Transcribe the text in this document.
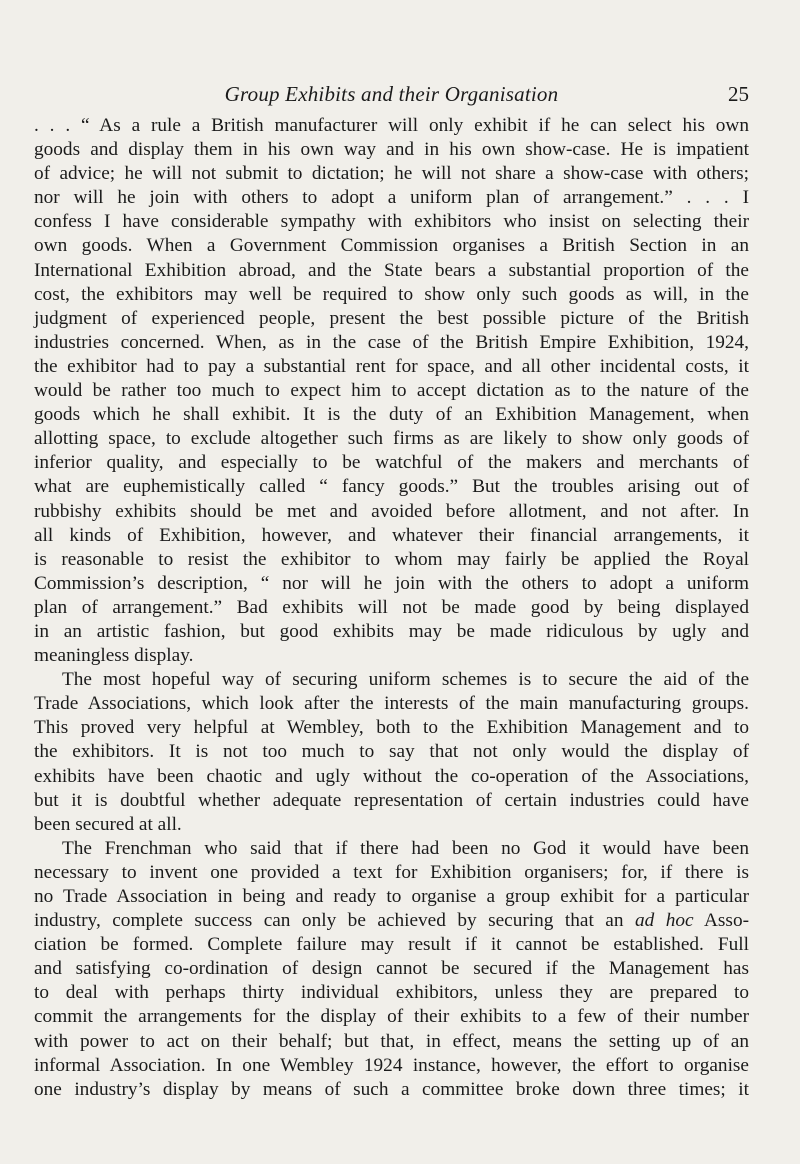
Group Exhibits and their Organisation	25
. . . “ As a rule a British manufacturer will only exhibit if he can select his own
goods and display them in his own way and in his own show-case. He is impatient
of advice; he will not submit to dictation; he will not share a show-case with others;
nor will he join with others to adopt a uniform plan of arrangement.” . . . I
confess I have considerable sympathy with exhibitors who insist on selecting their
own goods. When a Government Commission organises a British Section in an
International Exhibition abroad, and the State bears a substantial proportion of the
cost, the exhibitors may well be required to show only such goods as will, in the
judgment of experienced people, present the best possible picture of the British
industries concerned. When, as in the case of the British Empire Exhibition, 1924,
the exhibitor had to pay a substantial rent for space, and all other incidental costs, it
would be rather too much to expect him to accept dictation as to the nature of the
goods which he shall exhibit. It is the duty of an Exhibition Management, when
allotting space, to exclude altogether such firms as are likely to show only goods of
inferior quality, and especially to be watchful of the makers and merchants of
what are euphemistically called “ fancy goods.” But the troubles arising out of
rubbishy exhibits should be met and avoided before allotment, and not after. In
all kinds of Exhibition, however, and whatever their financial arrangements, it
is reasonable to resist the exhibitor to whom may fairly be applied the Royal
Commission’s description, “ nor will he join with the others to adopt a uniform
plan of arrangement.” Bad exhibits will not be made good by being displayed
in an artistic fashion, but good exhibits may be made ridiculous by ugly and
meaningless display.
The most hopeful way of securing uniform schemes is to secure the aid of the
Trade Associations, which look after the interests of the main manufacturing groups.
This proved very helpful at Wembley, both to the Exhibition Management and to
the exhibitors. It is not too much to say that not only would the display of
exhibits have been chaotic and ugly without the co-operation of the Associations,
but it is doubtful whether adequate representation of certain industries could have
been secured at all.
The Frenchman who said that if there had been no God it would have been
necessary to invent one provided a text for Exhibition organisers; for, if there is
no Trade Association in being and ready to organise a group exhibit for a particular
industry, complete success can only be achieved by securing that an ad hoc Asso-
ciation be formed. Complete failure may result if it cannot be established. Full
and satisfying co-ordination of design cannot be secured if the Management has
to deal with perhaps thirty individual exhibitors, unless they are prepared to
commit the arrangements for the display of their exhibits to a few of their number
with power to act on their behalf; but that, in effect, means the setting up of an
informal Association. In one Wembley 1924 instance, however, the effort to organise
one industry’s display by means of such a committee broke down three times; it
